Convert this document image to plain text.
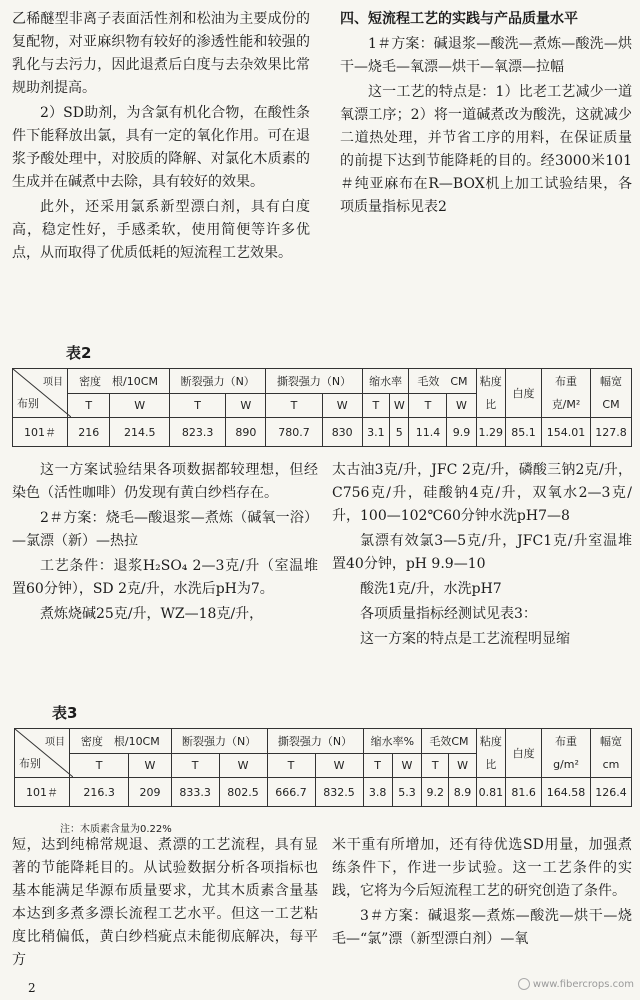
乙稀醚型非离子表面活性剂和松油为主要成份的复配物，对亚麻织物有较好的渗透性能和较强的乳化与去污力，因此退煮后白度与去杂效果比常规助剂提高。

2）SD助剂，为含氯有机化合物，在酸性条件下能释放出氯，具有一定的氧化作用。可在退浆予酸处理中，对胶质的降解、对氯化木质素的生成并在碱煮中去除，具有较好的效果。

此外，还采用氯系新型漂白剂，具有白度高，稳定性好，手感柔软，使用简便等许多优点，从而取得了优质低耗的短流程工艺效果。

四、短流程工艺的实践与产品质量水平

1＃方案：碱退浆—酸洗—煮炼—酸洗—烘干—烧毛—氧漂—烘干—氧漂—拉幅

这一工艺的特点是：1）比老工艺减少一道氧漂工序；2）将一道碱煮改为酸洗，这就减少二道热处理，并节省工序的用料，在保证质量的前提下达到节能降耗的目的。经3000米101＃纯亚麻布在R—BOX机上加工试验结果，各项质量指标见表2

表2
项目
布别	密度　根/10CM		断裂强力（N）		撕裂强力（N）		缩水率		毛效　CM		粘度比	白度	布重克/M²	幅宽CM
	T	W	T	W	T	W	T	W	T	W				
101＃	216	214.5	823.3	890	780.7	830	3.1	5	11.4	9.9	1.29	85.1	154.01	127.8

这一方案试验结果各项数据都较理想，但经染色（活性咖啡）仍发现有黄白纱档存在。

2＃方案：烧毛—酸退浆—煮炼（碱氧一浴）—氯漂（新）—热拉

工艺条件：退浆H₂SO₄ 2—3克/升（室温堆置60分钟），SD 2克/升，水洗后pH为7。

煮炼烧碱25克/升，WZ—18克/升，

太古油3克/升，JFC 2克/升，磷酸三钠2克/升，C756克/升，硅酸钠4克/升，双氧水2—3克/升，100—102℃60分钟水洗pH7—8

氯漂有效氯3—5克/升，JFC1克/升室温堆置40分钟，pH 9.9—10

酸洗1克/升，水洗pH7

各项质量指标经测试见表3：

这一方案的特点是工艺流程明显缩

表3
项目
布别	密度　根/10CM		断裂强力（N）		撕裂强力（N）		缩水率%		毛效CM		粘度比	白度	布重g/m²	幅宽cm
	T	W	T	W	T	W	T	W	T	W				
101＃	216.3	209	833.3	802.5	666.7	832.5	3.8	5.3	9.2	8.9	0.81	81.6	164.58	126.4
注：木质素含量为0.22%

短，达到纯棉常规退、煮漂的工艺流程，具有显著的节能降耗目的。从试验数据分析各项指标也基本能满足华源布质量要求，尤其木质素含量基本达到多煮多漂长流程工艺水平。但这一工艺粘度比稍偏低，黄白纱档疵点未能彻底解决，每平方

米干重有所增加，还有待优选SD用量，加强煮练条件下，作进一步试验。这一工艺条件的实践，它将为今后短流程工艺的研究创造了条件。

3＃方案：碱退浆—煮炼—酸洗—烘干—烧毛—“氯”漂（新型漂白剂）—氧

2	www.fibercrops.com
